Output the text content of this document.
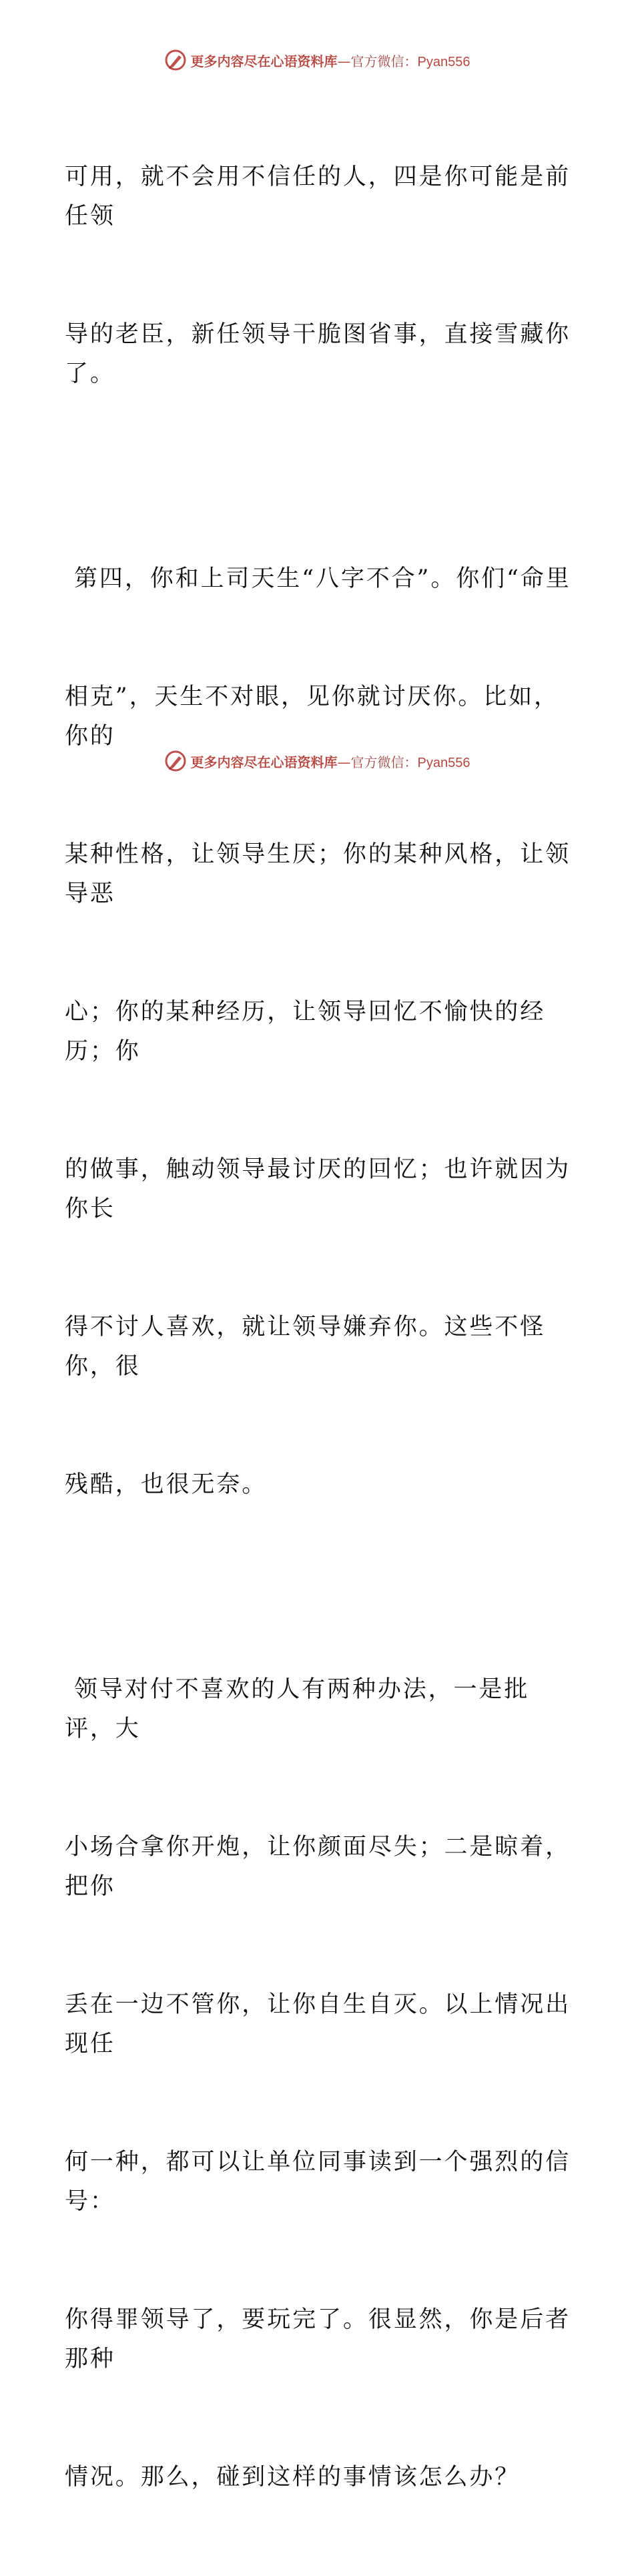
更多内容尽在心语资料库—官方微信：Pyan556

可用，就不会用不信任的人，四是你可能是前任领

导的老臣，新任领导干脆图省事，直接雪藏你了。

第四，你和上司天生“八字不合”。你们“命里

相克”，天生不对眼，见你就讨厌你。比如，你的

某种性格，让领导生厌；你的某种风格，让领导恶

心；你的某种经历，让领导回忆不愉快的经历；你

的做事，触动领导最讨厌的回忆；也许就因为你长

得不讨人喜欢，就让领导嫌弃你。这些不怪你，很

残酷，也很无奈。

领导对付不喜欢的人有两种办法，一是批评，大

小场合拿你开炮，让你颜面尽失；二是晾着，把你

丢在一边不管你，让你自生自灭。以上情况出现任

何一种，都可以让单位同事读到一个强烈的信号：

你得罪领导了，要玩完了。很显然，你是后者那种

情况。那么，碰到这样的事情该怎么办？

更多内容尽在心语资料库—官方微信：Pyan556
